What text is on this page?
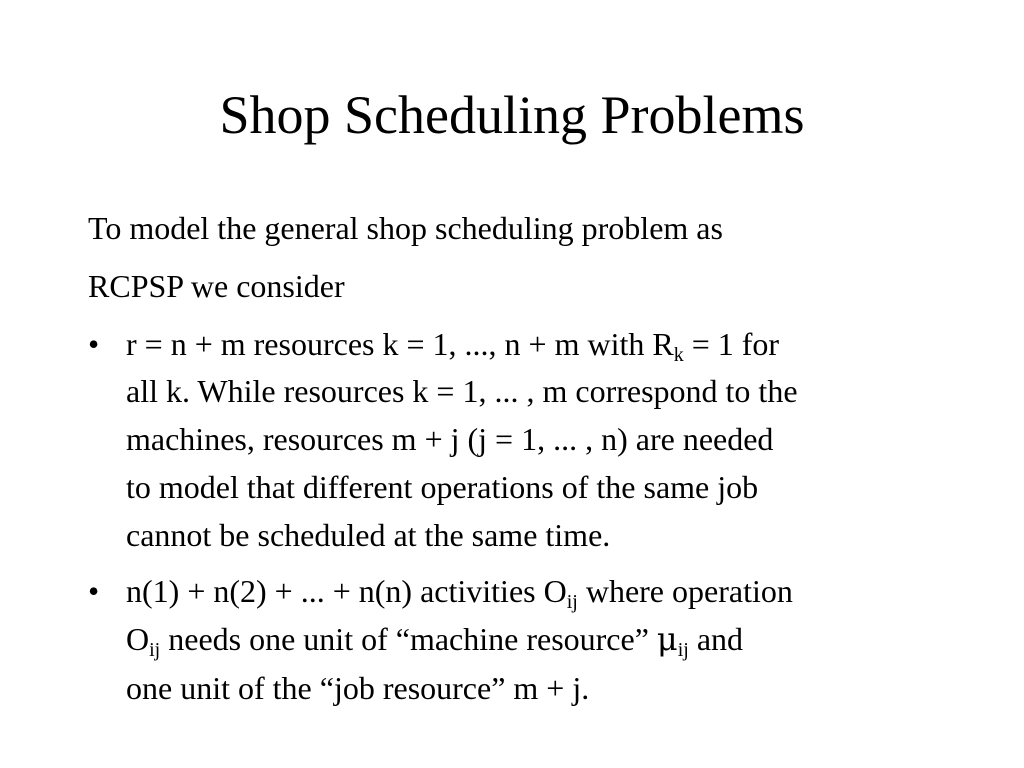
Shop Scheduling Problems
To model the general shop scheduling problem as
RCPSP we consider
• r = n + m resources k = 1, ..., n + m with $R_k = 1$ for
all k. While resources k = 1, ... , m correspond to the
machines, resources m + j (j = 1, ... , n) are needed
to model that different operations of the same job
cannot be scheduled at the same time.
• n(1) + n(2) + ... + n(n) activities $O_{ij}$ where operation
$O_{ij}$ needs one unit of “machine resource” $\mu_{ij}$ and
one unit of the “job resource” m + j.
